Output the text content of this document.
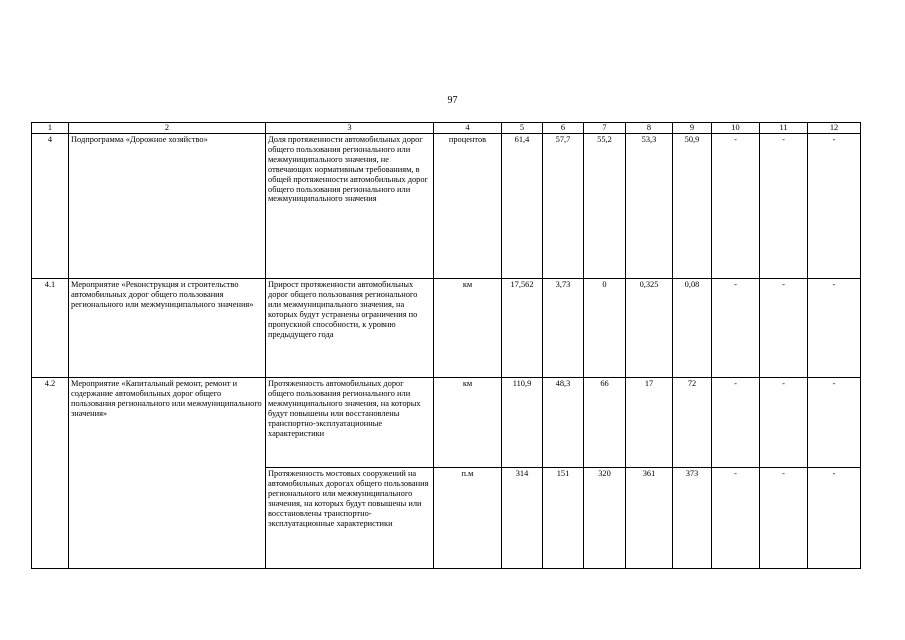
97
1	2	3	4	5	6	7	8	9	10	11	12
4	Подпрограмма «Дорожное хозяйство»	Доля протяженности автомобильных дорог общего пользования регионального или межмуниципального значения, не отвечающих нормативным требованиям, в общей протяженности автомобильных дорог общего пользования регионального или межмуниципального значения	процентов	61,4	57,7	55,2	53,3	50,9	-	-	-
4.1	Мероприятие «Реконструкция и строительство автомобильных дорог общего пользования регионального или межмуниципального значения»	Прирост протяженности автомобильных дорог общего пользования регионального или межмуниципального значения, на которых будут устранены ограничения по пропускной способности, к уровню предыдущего года	км	17,562	3,73	0	0,325	0,08	-	-	-
4.2	Мероприятие «Капитальный ремонт, ремонт и содержание автомобильных дорог общего пользования регионального или межмуниципального значения»	Протяженность автомобильных дорог общего пользования регионального или межмуниципального значения, на которых будут повышены или восстановлены транспортно-эксплуатационные характеристики	км	110,9	48,3	66	17	72	-	-	-
		Протяженность мостовых сооружений на автомобильных дорогах общего пользования регионального или межмуниципального значения, на которых будут повышены или восстановлены транспортно-эксплуатационные характеристики	п.м	314	151	320	361	373	-	-	-
